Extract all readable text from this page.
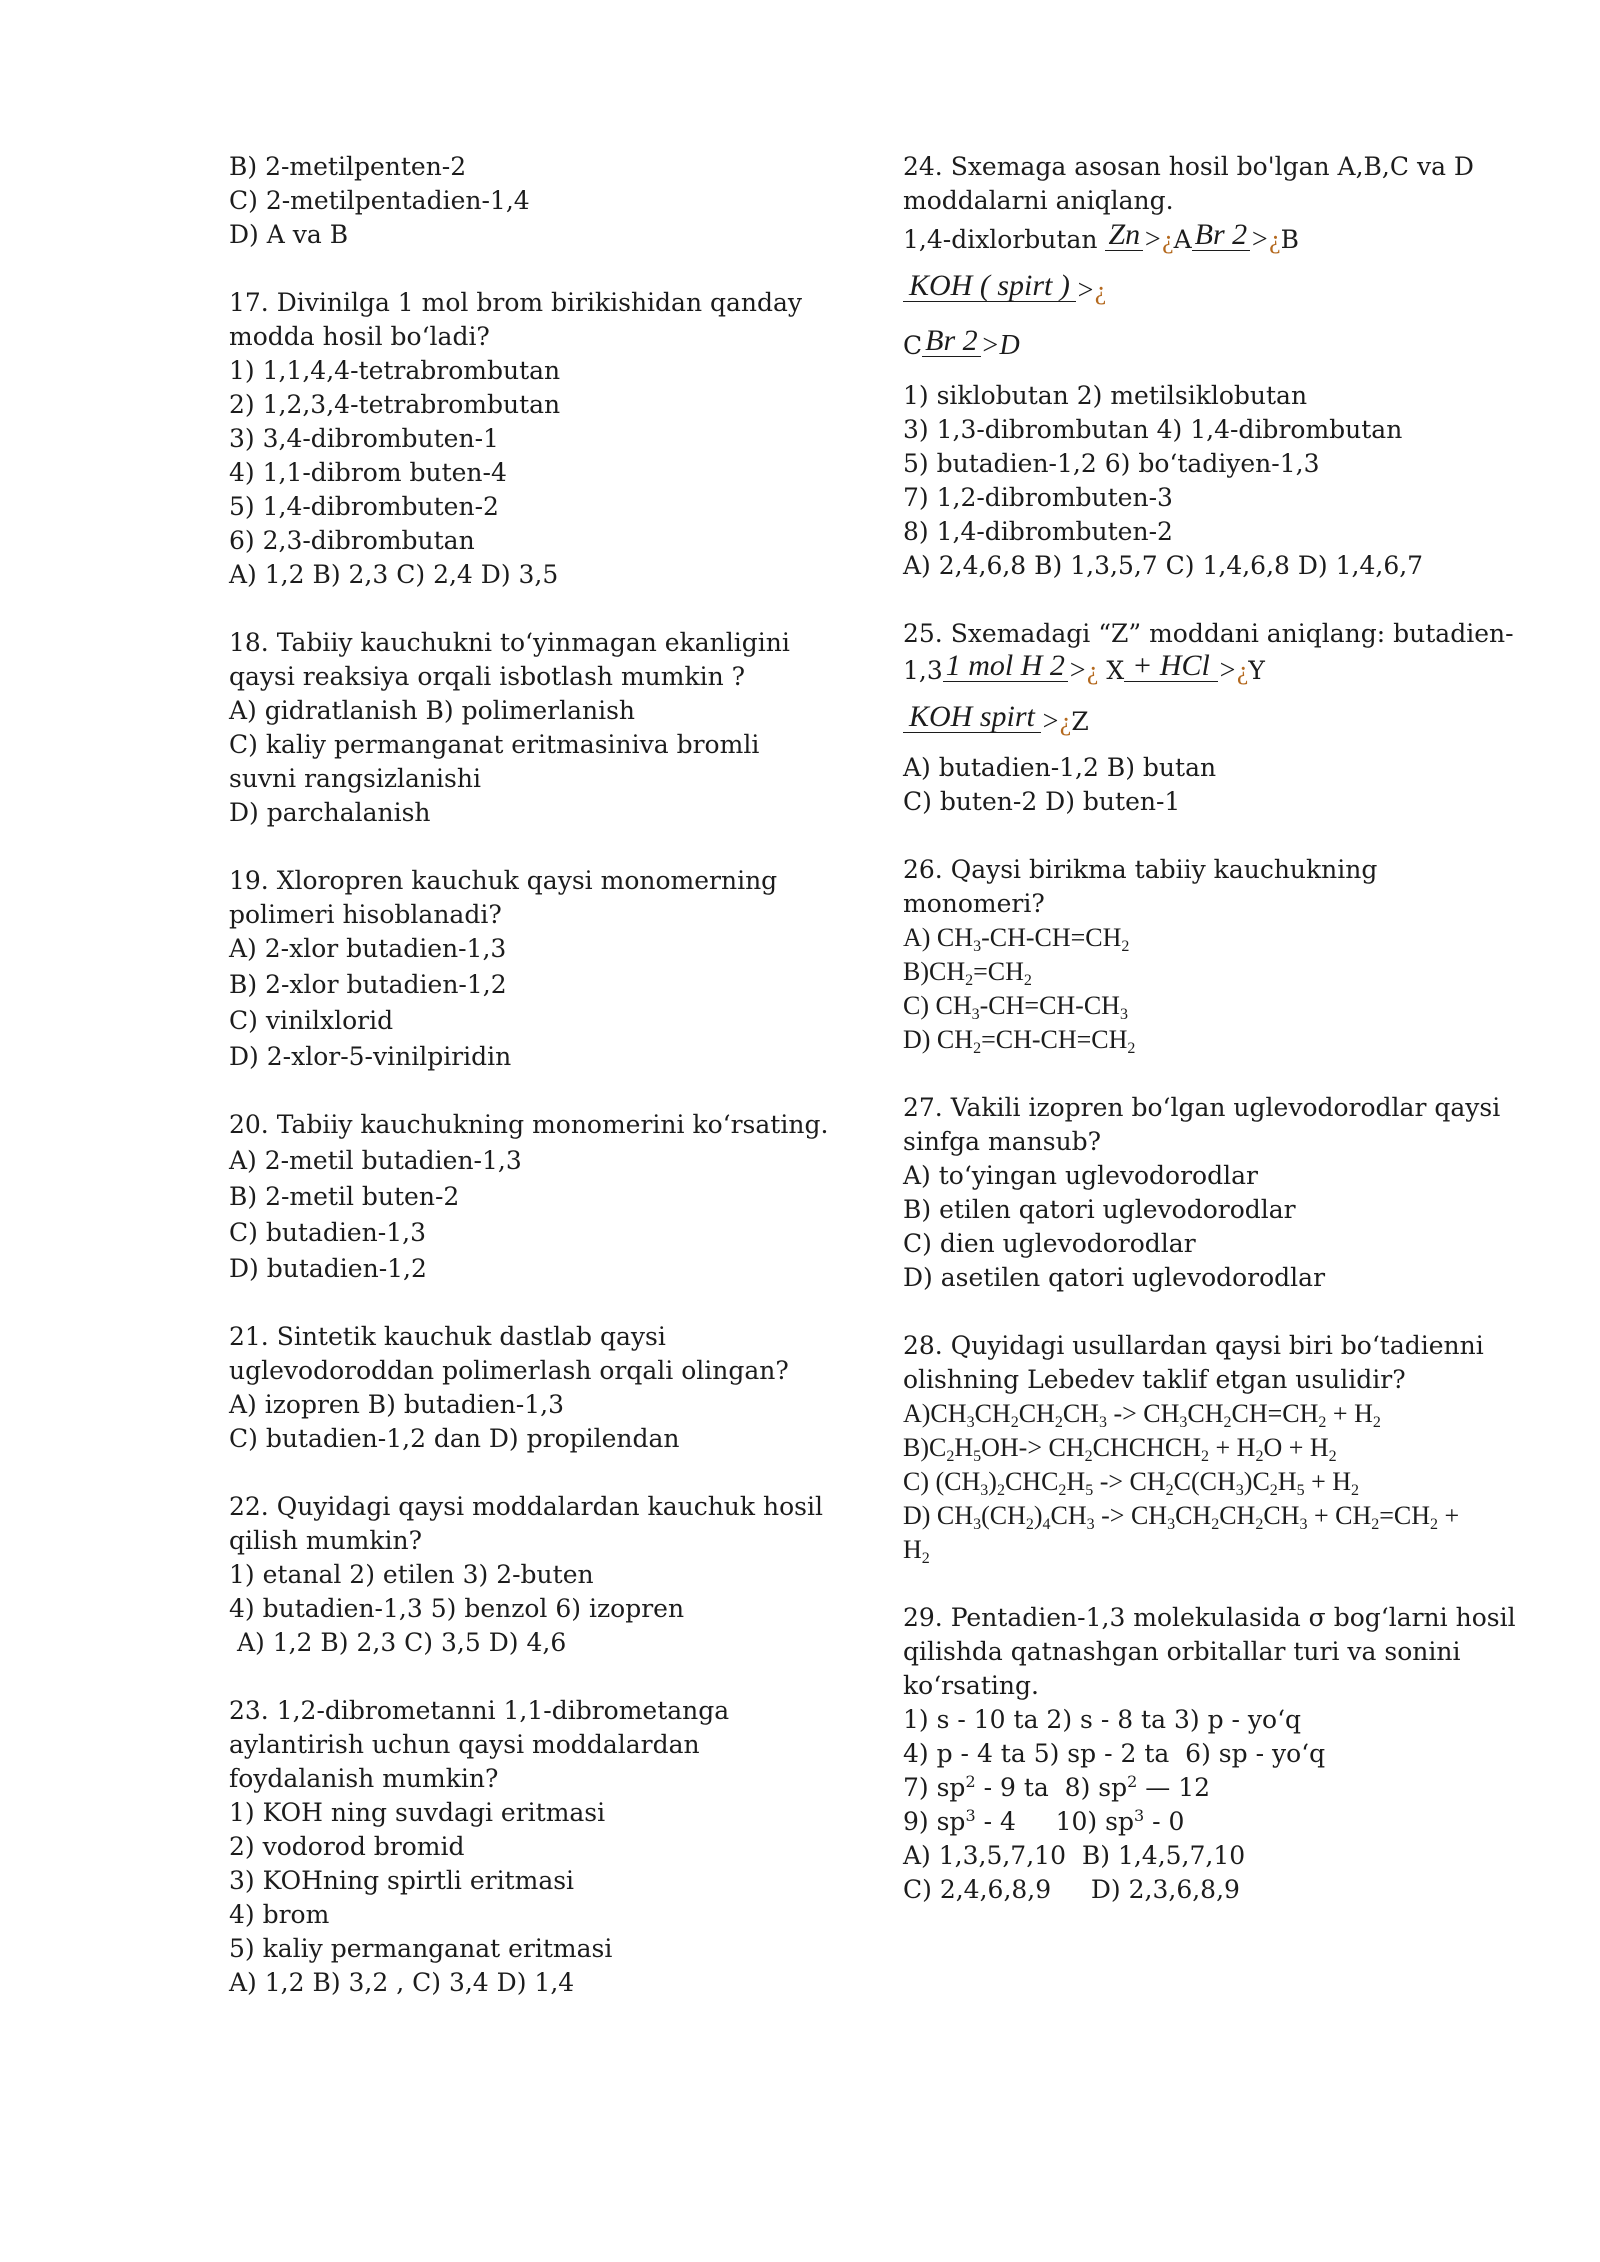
B) 2-metilpenten-2
C) 2-metilpentadien-1,4
D) A va B
17. Divinilga 1 mol brom birikishidan qanday
modda hosil bo‘ladi?
1) 1,1,4,4-tetrabrombutan
2) 1,2,3,4-tetrabrombutan
3) 3,4-dibrombuten-1
4) 1,1-dibrom buten-4
5) 1,4-dibrombuten-2
6) 2,3-dibrombutan
A) 1,2 B) 2,3 C) 2,4 D) 3,5
18. Tabiiy kauchukni to‘yinmagan ekanligini
qaysi reaksiya orqali isbotlash mumkin ?
A) gidratlanish B) polimerlanish
C) kaliy permanganat eritmasiniva bromli
suvni rangsizlanishi
D) parchalanish
19. Xloropren kauchuk qaysi monomerning
polimeri hisoblanadi?
A) 2-xlor butadien-1,3
B) 2-xlor butadien-1,2
C) vinilxlorid
D) 2-xlor-5-vinilpiridin
20. Tabiiy kauchukning monomerini ko‘rsating.
A) 2-metil butadien-1,3
B) 2-metil buten-2
C) butadien-1,3
D) butadien-1,2
21. Sintetik kauchuk dastlab qaysi
uglevodoroddan polimerlash orqali olingan?
A) izopren B) butadien-1,3
C) butadien-1,2 dan D) propilendan
22. Quyidagi qaysi moddalardan kauchuk hosil
qilish mumkin?
1) etanal 2) etilen 3) 2-buten
4) butadien-1,3 5) benzol 6) izopren
A) 1,2 B) 2,3 C) 3,5 D) 4,6
23. 1,2-dibrometanni 1,1-dibrometanga
aylantirish uchun qaysi moddalardan
foydalanish mumkin?
1) KOH ning suvdagi eritmasi
2) vodorod bromid
3) KOHning spirtli eritmasi
4) brom
5) kaliy permanganat eritmasi
A) 1,2 B) 3,2 , C) 3,4 D) 1,4
24. Sxemaga asosan hosil bo'lgan A,B,C va D
moddalarni aniqlang.
1,4-dixlorbutan Zn > ¿ A Br 2 > ¿ B
KOH ( spirt ) > ¿
C Br 2 > D
1) siklobutan 2) metilsiklobutan
3) 1,3-dibrombutan 4) 1,4-dibrombutan
5) butadien-1,2 6) bo‘tadiyen-1,3
7) 1,2-dibrombuten-3
8) 1,4-dibrombuten-2
A) 2,4,6,8 B) 1,3,5,7 C) 1,4,6,8 D) 1,4,6,7
25. Sxemadagi “Z” moddani aniqlang: butadien-
1,3 1 mol H 2 > ¿ X + HCl > ¿ Y
KOH spirt > ¿ Z
A) butadien-1,2 B) butan
C) buten-2 D) buten-1
26. Qaysi birikma tabiiy kauchukning
monomeri?
A) $CH_3-CH-CH=CH_2$
$B)CH_2=CH_2$
C) $CH_3-CH=CH-CH_3$
D) $CH_2=CH-CH=CH_2$
27. Vakili izopren bo‘lgan uglevodorodlar qaysi
sinfga mansub?
A) to‘yingan uglevodorodlar
B) etilen qatori uglevodorodlar
C) dien uglevodorodlar
D) asetilen qatori uglevodorodlar
28. Quyidagi usullardan qaysi biri bo‘tadienni
olishning Lebedev taklif etgan usulidir?
$A)CH_3CH_2CH_2CH_3 -> CH_3CH_2CH=CH_2 + H_2$
$B)C_2H_5OH->$ $CH_2CHCHCH_2 + H_2O + H_2$
C) $(CH_3)_2CHC_2H_5 -> CH_2C(CH_3)C_2H_5 + H_2$
D) $CH_3(CH_2)_4CH_3 -> CH_3CH_2CH_2CH_3 + CH_2=CH_2$ +
$H_2$
29. Pentadien-1,3 molekulasida σ bog‘larni hosil
qilishda qatnashgan orbitallar turi va sonini
ko‘rsating.
1) s - 10 ta 2) s - 8 ta 3) p - yo‘q
4) p - 4 ta 5) sp - 2 ta  6) sp - yo‘q
7) $sp^2 - 9$ ta  8) $sp^2$ — 12
9) $sp^3 - 4$     10) $sp^3 - 0$
A) 1,3,5,7,10  B) 1,4,5,7,10
C) 2,4,6,8,9     D) 2,3,6,8,9
